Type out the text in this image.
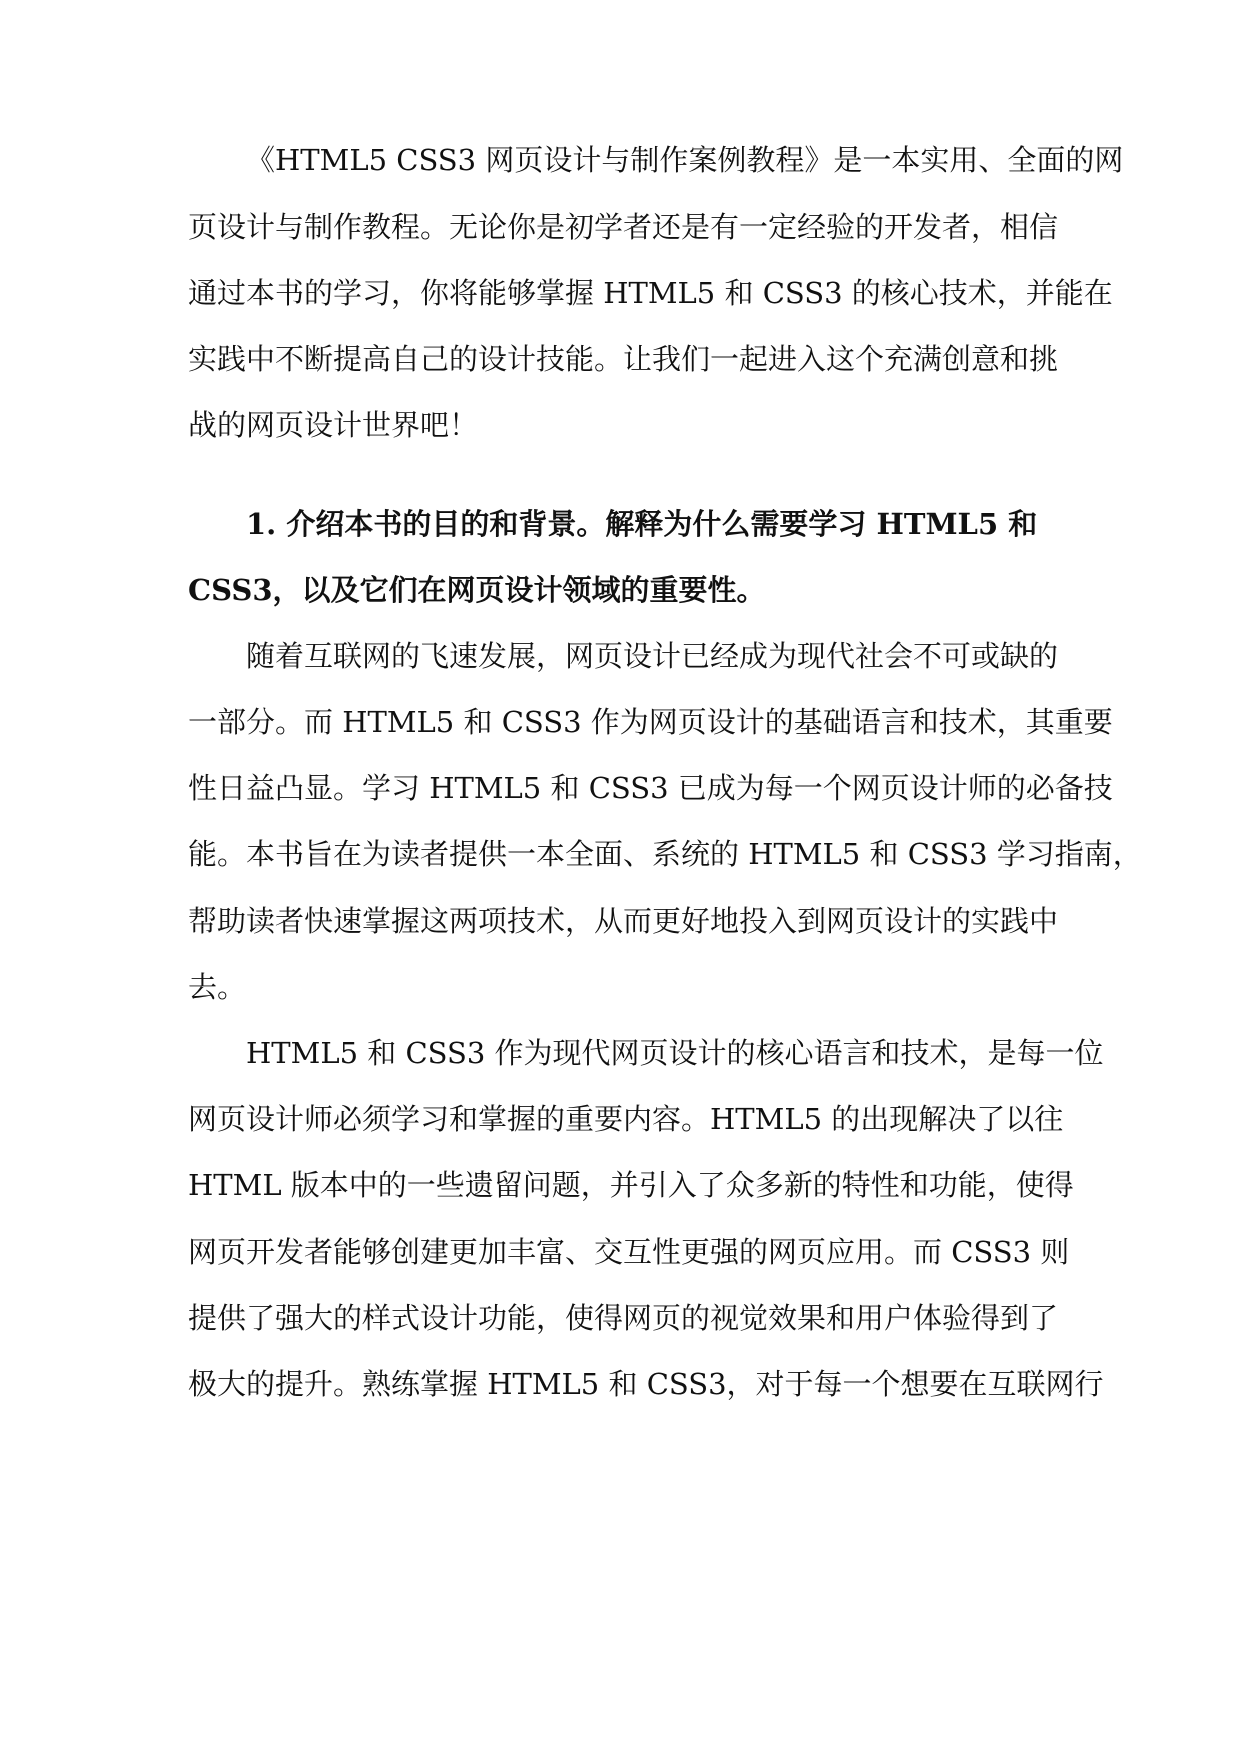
《HTML5 CSS3 网页设计与制作案例教程》是一本实用、全面的网
页设计与制作教程。无论你是初学者还是有一定经验的开发者，相信
通过本书的学习，你将能够掌握 HTML5 和 CSS3 的核心技术，并能在
实践中不断提高自己的设计技能。让我们一起进入这个充满创意和挑
战的网页设计世界吧！
1. 介绍本书的目的和背景。解释为什么需要学习 HTML5 和
CSS3，以及它们在网页设计领域的重要性。
随着互联网的飞速发展，网页设计已经成为现代社会不可或缺的
一部分。而 HTML5 和 CSS3 作为网页设计的基础语言和技术，其重要
性日益凸显。学习 HTML5 和 CSS3 已成为每一个网页设计师的必备技
能。本书旨在为读者提供一本全面、系统的 HTML5 和 CSS3 学习指南，
帮助读者快速掌握这两项技术，从而更好地投入到网页设计的实践中
去。
HTML5 和 CSS3 作为现代网页设计的核心语言和技术，是每一位
网页设计师必须学习和掌握的重要内容。HTML5 的出现解决了以往
HTML 版本中的一些遗留问题，并引入了众多新的特性和功能，使得
网页开发者能够创建更加丰富、交互性更强的网页应用。而 CSS3 则
提供了强大的样式设计功能，使得网页的视觉效果和用户体验得到了
极大的提升。熟练掌握 HTML5 和 CSS3，对于每一个想要在互联网行
